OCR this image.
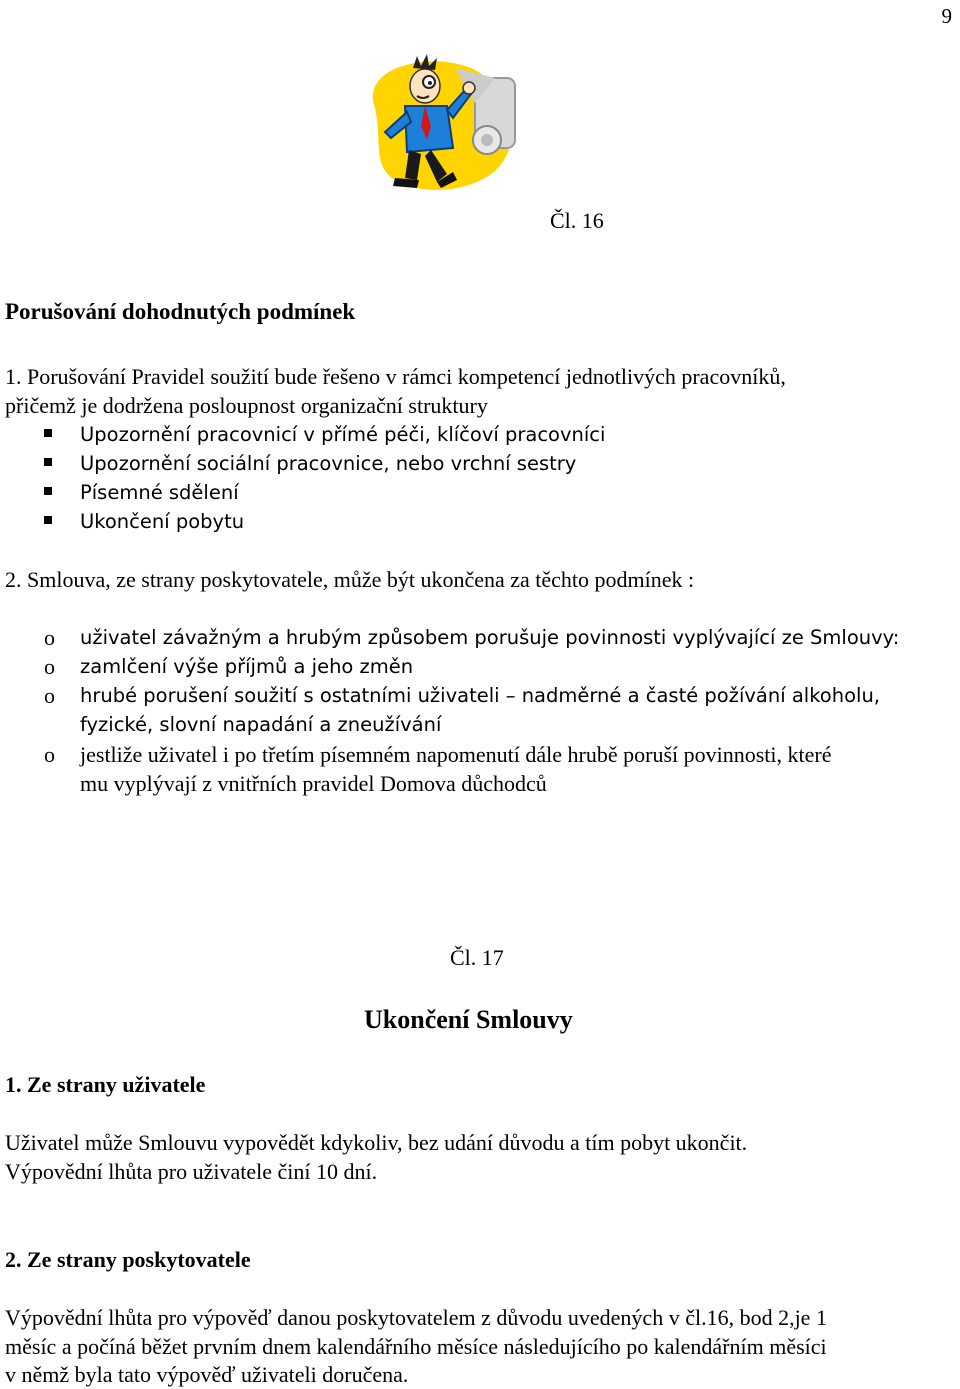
9
Čl. 16
Porušování dohodnutých podmínek
1. Porušování Pravidel soužití bude řešeno v rámci kompetencí jednotlivých pracovníků,
přičemž je dodržena posloupnost organizační struktury
Upozornění pracovnicí v přímé péči, klíčoví pracovníci
Upozornění sociální pracovnice, nebo vrchní sestry
Písemné sdělení
Ukončení pobytu
2. Smlouva, ze strany poskytovatele, může být ukončena za těchto podmínek :
o uživatel závažným a hrubým způsobem porušuje povinnosti vyplývající ze Smlouvy:
o zamlčení výše příjmů a jeho změn
o hrubé porušení soužití s ostatními uživateli – nadměrné a časté požívání alkoholu,
fyzické, slovní napadání a zneužívání
o jestliže uživatel i po třetím písemném napomenutí dále hrubě poruší povinnosti, které
mu vyplývají z vnitřních pravidel Domova důchodců
Čl. 17
Ukončení Smlouvy
1. Ze strany uživatele
Uživatel může Smlouvu vypovědět kdykoliv, bez udání důvodu a tím pobyt ukončit.
Výpovědní lhůta pro uživatele činí 10 dní.
2. Ze strany poskytovatele
Výpovědní lhůta pro výpověď danou poskytovatelem z důvodu uvedených v čl.16, bod 2,je 1
měsíc a počíná běžet prvním dnem kalendářního měsíce následujícího po kalendářním měsíci
v němž byla tato výpověď uživateli doručena.
